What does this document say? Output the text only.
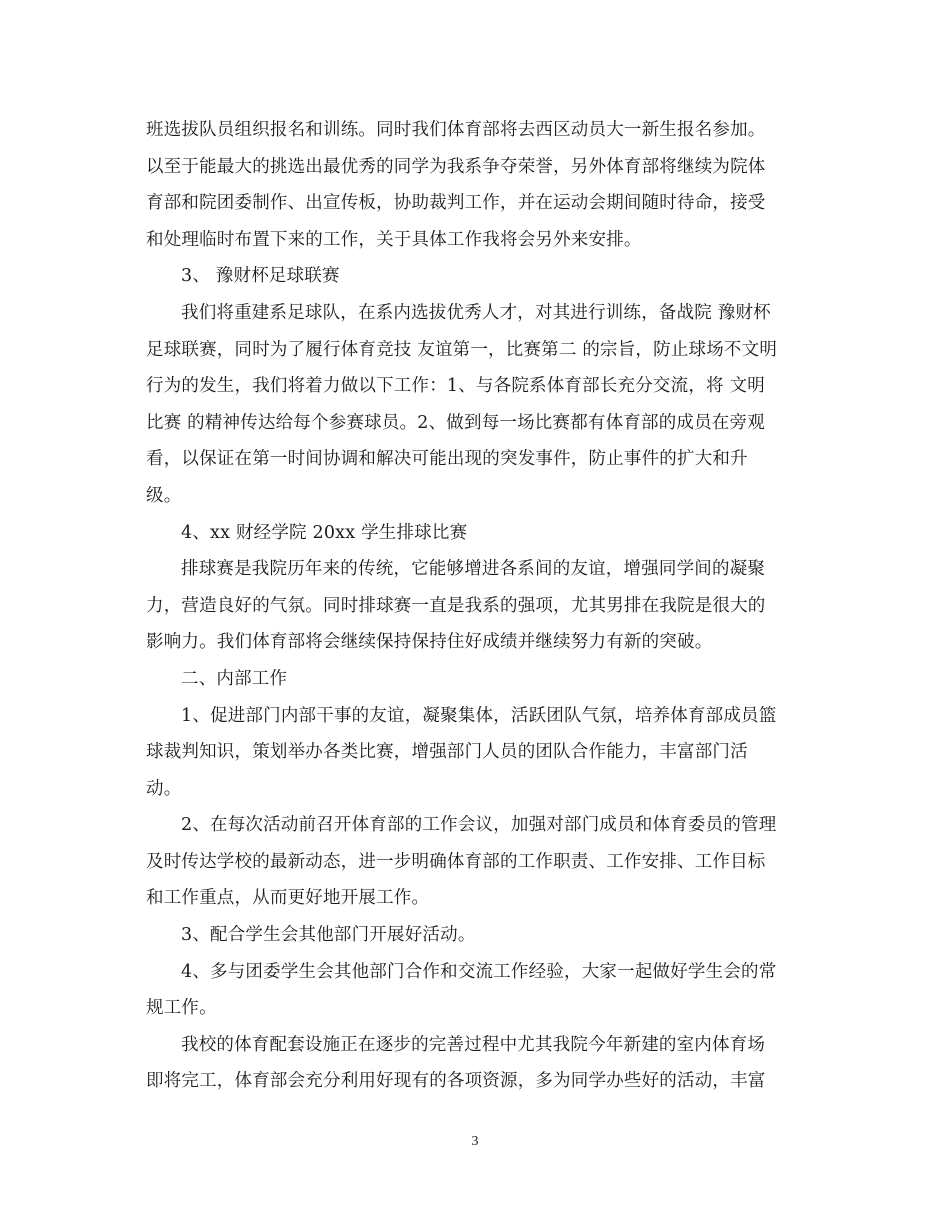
班选拔队员组织报名和训练。同时我们体育部将去西区动员大一新生报名参加。
以至于能最大的挑选出最优秀的同学为我系争夺荣誉，另外体育部将继续为院体
育部和院团委制作、出宣传板，协助裁判工作，并在运动会期间随时待命，接受
和处理临时布置下来的工作，关于具体工作我将会另外来安排。
3、 豫财杯足球联赛
我们将重建系足球队，在系内选拔优秀人才，对其进行训练，备战院 豫财杯
足球联赛，同时为了履行体育竞技 友谊第一，比赛第二 的宗旨，防止球场不文明
行为的发生，我们将着力做以下工作：1、与各院系体育部长充分交流，将 文明
比赛 的精神传达给每个参赛球员。2、做到每一场比赛都有体育部的成员在旁观
看，以保证在第一时间协调和解决可能出现的突发事件，防止事件的扩大和升
级。
4、xx 财经学院 20xx 学生排球比赛
排球赛是我院历年来的传统，它能够增进各系间的友谊，增强同学间的凝聚
力，营造良好的气氛。同时排球赛一直是我系的强项，尤其男排在我院是很大的
影响力。我们体育部将会继续保持保持住好成绩并继续努力有新的突破。
二、内部工作
1、促进部门内部干事的友谊，凝聚集体，活跃团队气氛，培养体育部成员篮
球裁判知识，策划举办各类比赛，增强部门人员的团队合作能力，丰富部门活
动。
2、在每次活动前召开体育部的工作会议，加强对部门成员和体育委员的管理
及时传达学校的最新动态，进一步明确体育部的工作职责、工作安排、工作目标
和工作重点，从而更好地开展工作。
3、配合学生会其他部门开展好活动。
4、多与团委学生会其他部门合作和交流工作经验，大家一起做好学生会的常
规工作。
我校的体育配套设施正在逐步的完善过程中尤其我院今年新建的室内体育场
即将完工，体育部会充分利用好现有的各项资源，多为同学办些好的活动，丰富
3
